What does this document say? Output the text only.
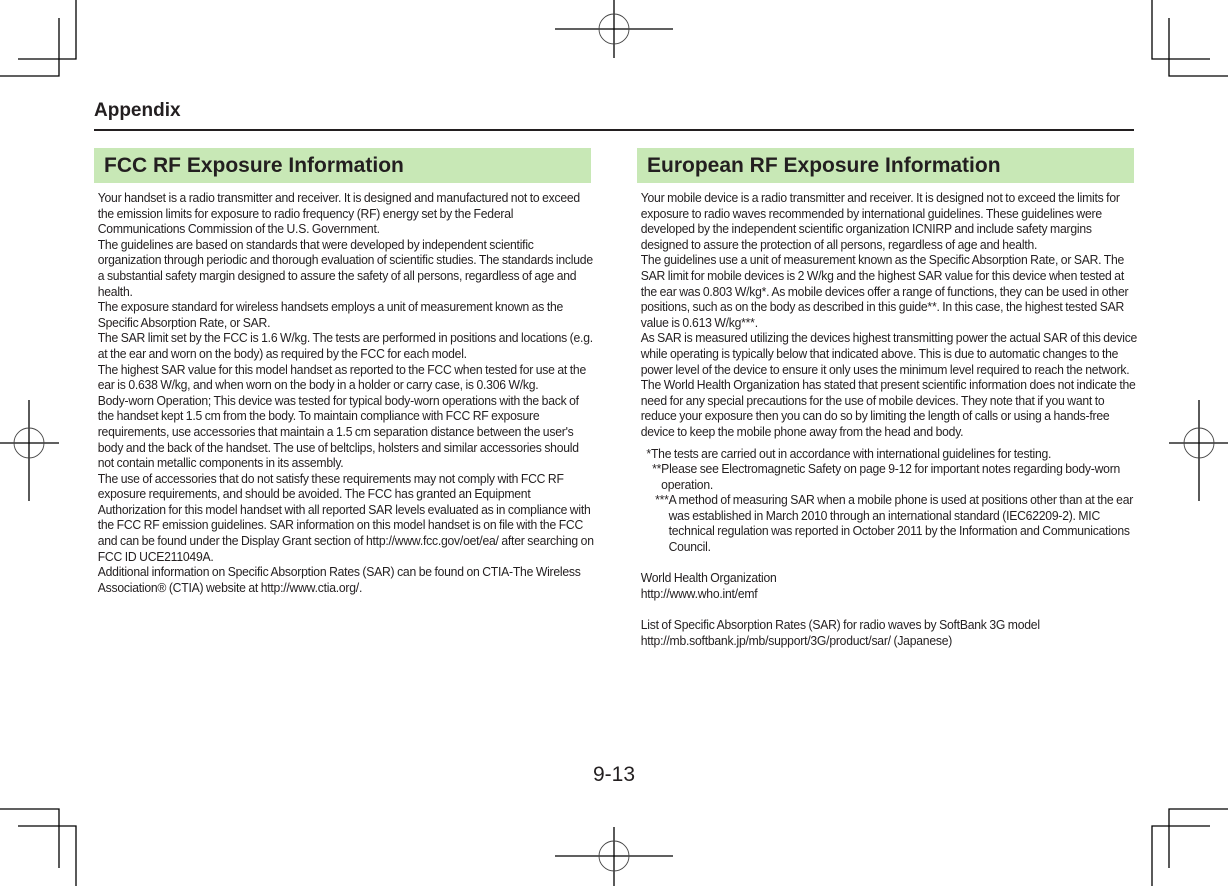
Appendix
FCC RF Exposure Information

Your handset is a radio transmitter and receiver. It is designed and manufactured not to exceed the emission limits for exposure to radio frequency (RF) energy set by the Federal Communications Commission of the U.S. Government.

The guidelines are based on standards that were developed by independent scientific organization through periodic and thorough evaluation of scientific studies. The standards include a substantial safety margin designed to assure the safety of all persons, regardless of age and health.

The exposure standard for wireless handsets employs a unit of measurement known as the Specific Absorption Rate, or SAR.

The SAR limit set by the FCC is 1.6 W/kg. The tests are performed in positions and locations (e.g. at the ear and worn on the body) as required by the FCC for each model.

The highest SAR value for this model handset as reported to the FCC when tested for use at the ear is 0.638 W/kg, and when worn on the body in a holder or carry case, is 0.306 W/kg.

Body-worn Operation; This device was tested for typical body-worn operations with the back of the handset kept 1.5 cm from the body. To maintain compliance with FCC RF exposure requirements, use accessories that maintain a 1.5 cm separation distance between the user's body and the back of the handset. The use of beltclips, holsters and similar accessories should not contain metallic components in its assembly.

The use of accessories that do not satisfy these requirements may not comply with FCC RF exposure requirements, and should be avoided. The FCC has granted an Equipment Authorization for this model handset with all reported SAR levels evaluated as in compliance with the FCC RF emission guidelines. SAR information on this model handset is on file with the FCC and can be found under the Display Grant section of http://www.fcc.gov/oet/ea/ after searching on FCC ID UCE211049A.

Additional information on Specific Absorption Rates (SAR) can be found on CTIA-The Wireless Association® (CTIA) website at http://www.ctia.org/.

European RF Exposure Information

Your mobile device is a radio transmitter and receiver. It is designed not to exceed the limits for exposure to radio waves recommended by international guidelines. These guidelines were developed by the independent scientific organization ICNIRP and include safety margins designed to assure the protection of all persons, regardless of age and health.

The guidelines use a unit of measurement known as the Specific Absorption Rate, or SAR. The SAR limit for mobile devices is 2 W/kg and the highest SAR value for this device when tested at the ear was 0.803 W/kg*. As mobile devices offer a range of functions, they can be used in other positions, such as on the body as described in this guide**. In this case, the highest tested SAR value is 0.613 W/kg***.

As SAR is measured utilizing the devices highest transmitting power the actual SAR of this device while operating is typically below that indicated above. This is due to automatic changes to the power level of the device to ensure it only uses the minimum level required to reach the network.

The World Health Organization has stated that present scientific information does not indicate the need for any special precautions for the use of mobile devices. They note that if you want to reduce your exposure then you can do so by limiting the length of calls or using a hands-free device to keep the mobile phone away from the head and body.

* The tests are carried out in accordance with international guidelines for testing.
** Please see Electromagnetic Safety on page 9-12 for important notes regarding body-worn operation.
*** A method of measuring SAR when a mobile phone is used at positions other than at the ear was established in March 2010 through an international standard (IEC62209-2). MIC technical regulation was reported in October 2011 by the Information and Communications Council.

World Health Organization

http://www.who.int/emf

List of Specific Absorption Rates (SAR) for radio waves by SoftBank 3G model

http://mb.softbank.jp/mb/support/3G/product/sar/ (Japanese)

9-13
